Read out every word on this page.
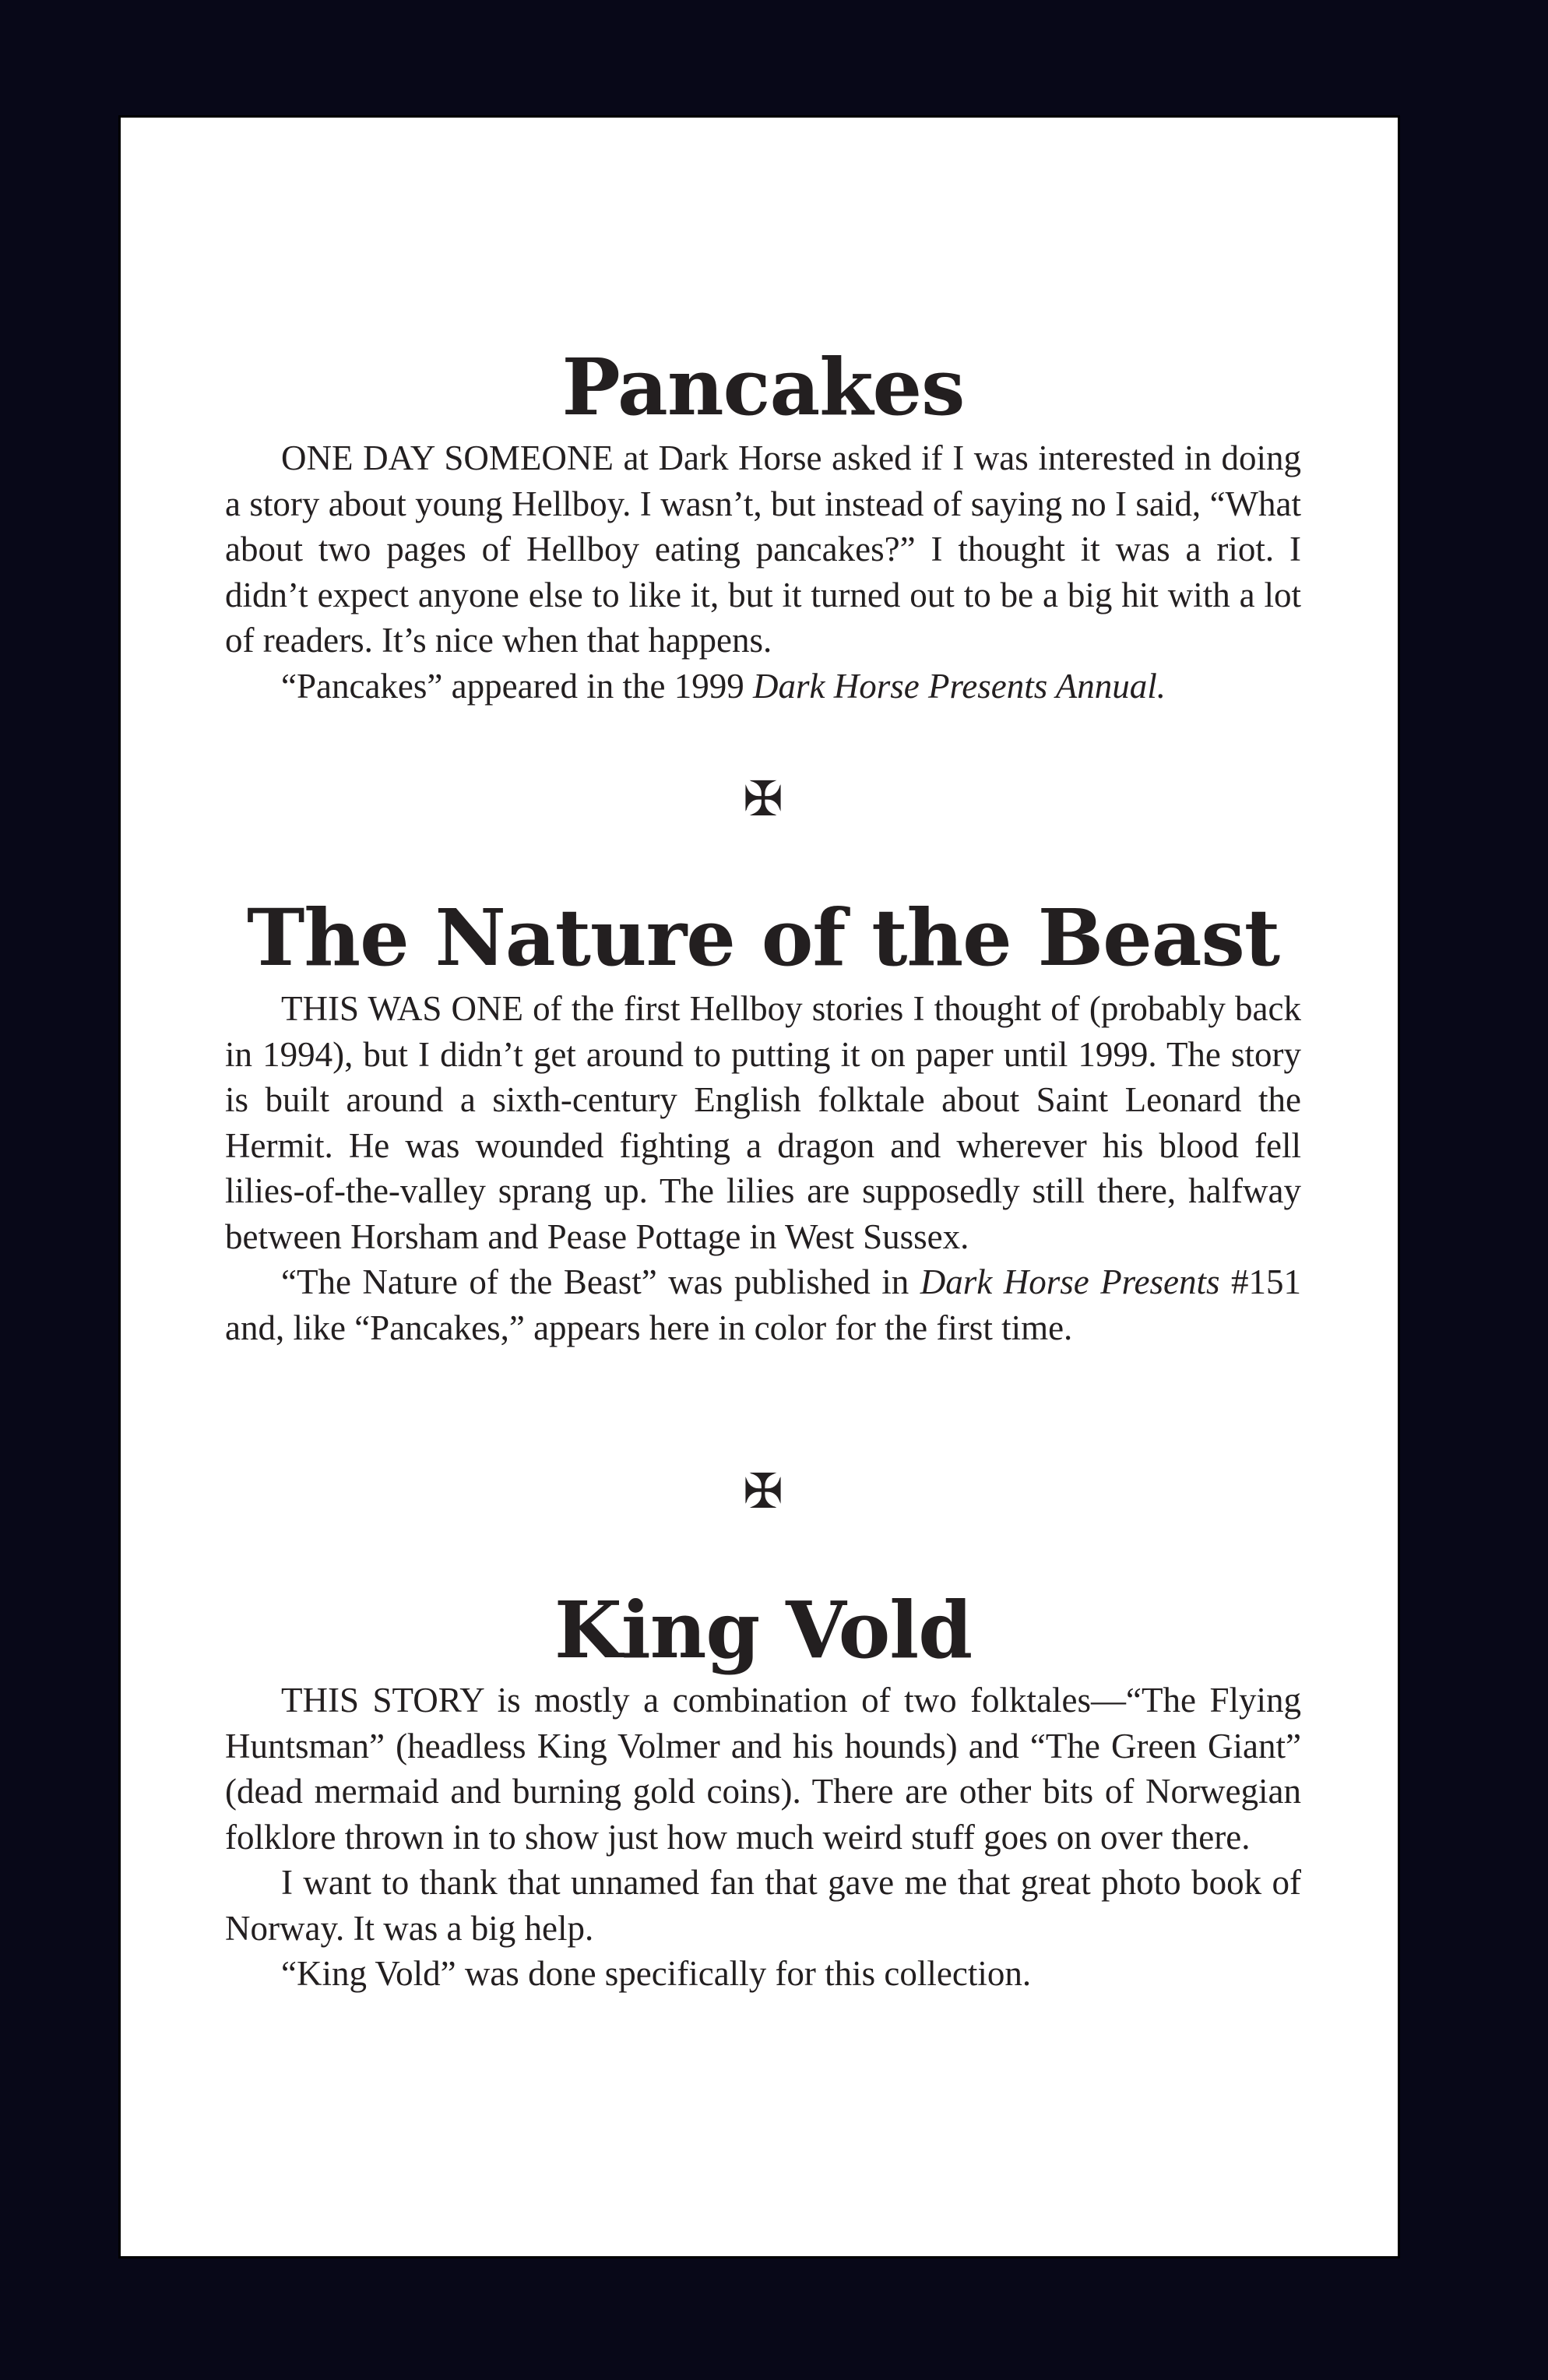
Pancakes

ONE DAY SOMEONE at Dark Horse asked if I was interested in doing a story about young Hellboy. I wasn’t, but instead of saying no I said, “What about two pages of Hellboy eating pancakes?” I thought it was a riot. I didn’t expect anyone else to like it, but it turned out to be a big hit with a lot of readers. It’s nice when that happens.

“Pancakes” appeared in the 1999 Dark Horse Presents Annual.

✠
The Nature of the Beast

THIS WAS ONE of the first Hellboy stories I thought of (probably back in 1994), but I didn’t get around to putting it on paper until 1999. The story is built around a sixth-century English folktale about Saint Leonard the Hermit. He was wounded fighting a dragon and wherever his blood fell lilies-of-the-valley sprang up. The lilies are supposedly still there, halfway between Horsham and Pease Pottage in West Sussex.

“The Nature of the Beast” was published in Dark Horse Presents #151 and, like “Pancakes,” appears here in color for the first time.

✠
King Vold

THIS STORY is mostly a combination of two folktales—“The Flying Huntsman” (headless King Volmer and his hounds) and “The Green Giant” (dead mermaid and burning gold coins). There are other bits of Norwegian folklore thrown in to show just how much weird stuff goes on over there.

I want to thank that unnamed fan that gave me that great photo book of Norway. It was a big help.

“King Vold” was done specifically for this collection.
